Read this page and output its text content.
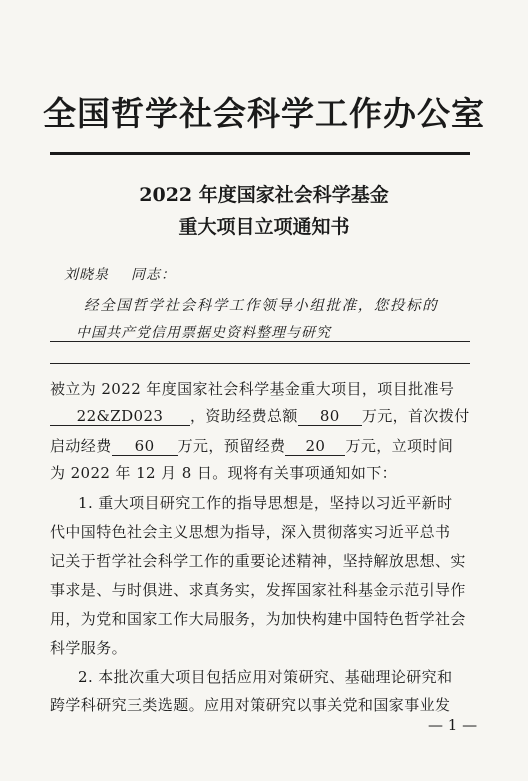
全国哲学社会科学工作办公室
2022 年度国家社会科学基金
重大项目立项通知书
刘晓泉 同志：
经全国哲学社会科学工作领导小组批准，您投标的
中国共产党信用票据史资料整理与研究
被立为 2022 年度国家社会科学基金重大项目，项目批准号
22&ZD023 ，资助经费总额 80 万元，首次拨付
启动经费 60 万元，预留经费 20 万元，立项时间
为 2022 年 12 月 8 日。现将有关事项通知如下：
1. 重大项目研究工作的指导思想是，坚持以习近平新时
代中国特色社会主义思想为指导，深入贯彻落实习近平总书
记关于哲学社会科学工作的重要论述精神，坚持解放思想、实
事求是、与时俱进、求真务实，发挥国家社科基金示范引导作
用，为党和国家工作大局服务，为加快构建中国特色哲学社会
科学服务。
2. 本批次重大项目包括应用对策研究、基础理论研究和
跨学科研究三类选题。应用对策研究以事关党和国家事业发
— 1 —
